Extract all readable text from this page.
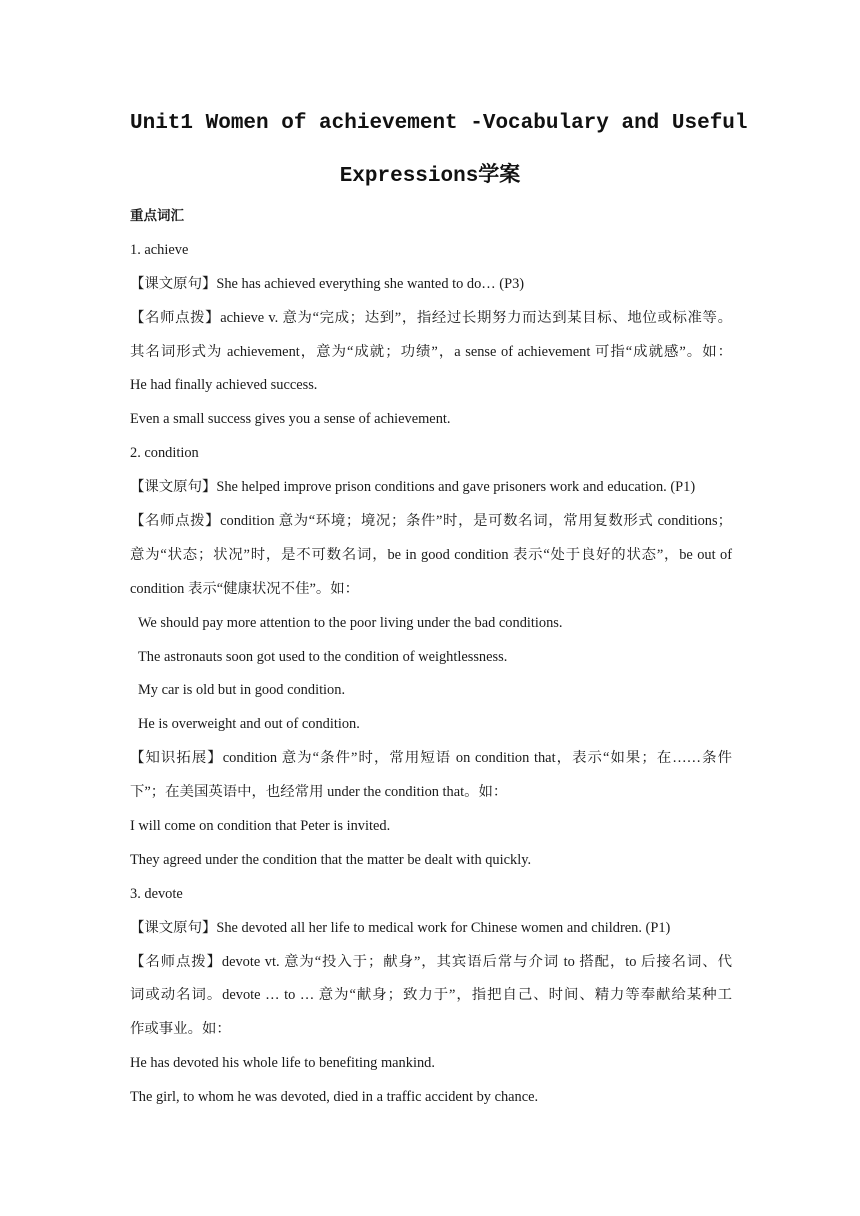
Unit1 Women of achievement -Vocabulary and Useful
Expressions学案
重点词汇
1. achieve
【课文原句】She has achieved everything she wanted to do… (P3)
【名师点拨】achieve v. 意为“完成；达到”，指经过长期努力而达到某目标、地位或标准等。
其名词形式为 achievement，意为“成就；功绩”，a sense of achievement 可指“成就感”。如：
He had finally achieved success.
Even a small success gives you a sense of achievement.
2. condition
【课文原句】She helped improve prison conditions and gave prisoners work and education. (P1)
【名师点拨】condition 意为“环境；境况；条件”时，是可数名词，常用复数形式 conditions；
意为“状态；状况”时，是不可数名词，be in good condition 表示“处于良好的状态”，be out of
condition 表示“健康状况不佳”。如：
We should pay more attention to the poor living under the bad conditions.
The astronauts soon got used to the condition of weightlessness.
My car is old but in good condition.
He is overweight and out of condition.
【知识拓展】condition 意为“条件”时，常用短语 on condition that，表示“如果；在……条件
下”；在美国英语中，也经常用 under the condition that。如：
I will come on condition that Peter is invited.
They agreed under the condition that the matter be dealt with quickly.
3. devote
【课文原句】She devoted all her life to medical work for Chinese women and children. (P1)
【名师点拨】devote vt. 意为“投入于；献身”，其宾语后常与介词 to 搭配，to 后接名词、代
词或动名词。devote … to … 意为“献身；致力于”，指把自己、时间、精力等奉献给某种工
作或事业。如：
He has devoted his whole life to benefiting mankind.
The girl, to whom he was devoted, died in a traffic accident by chance.
